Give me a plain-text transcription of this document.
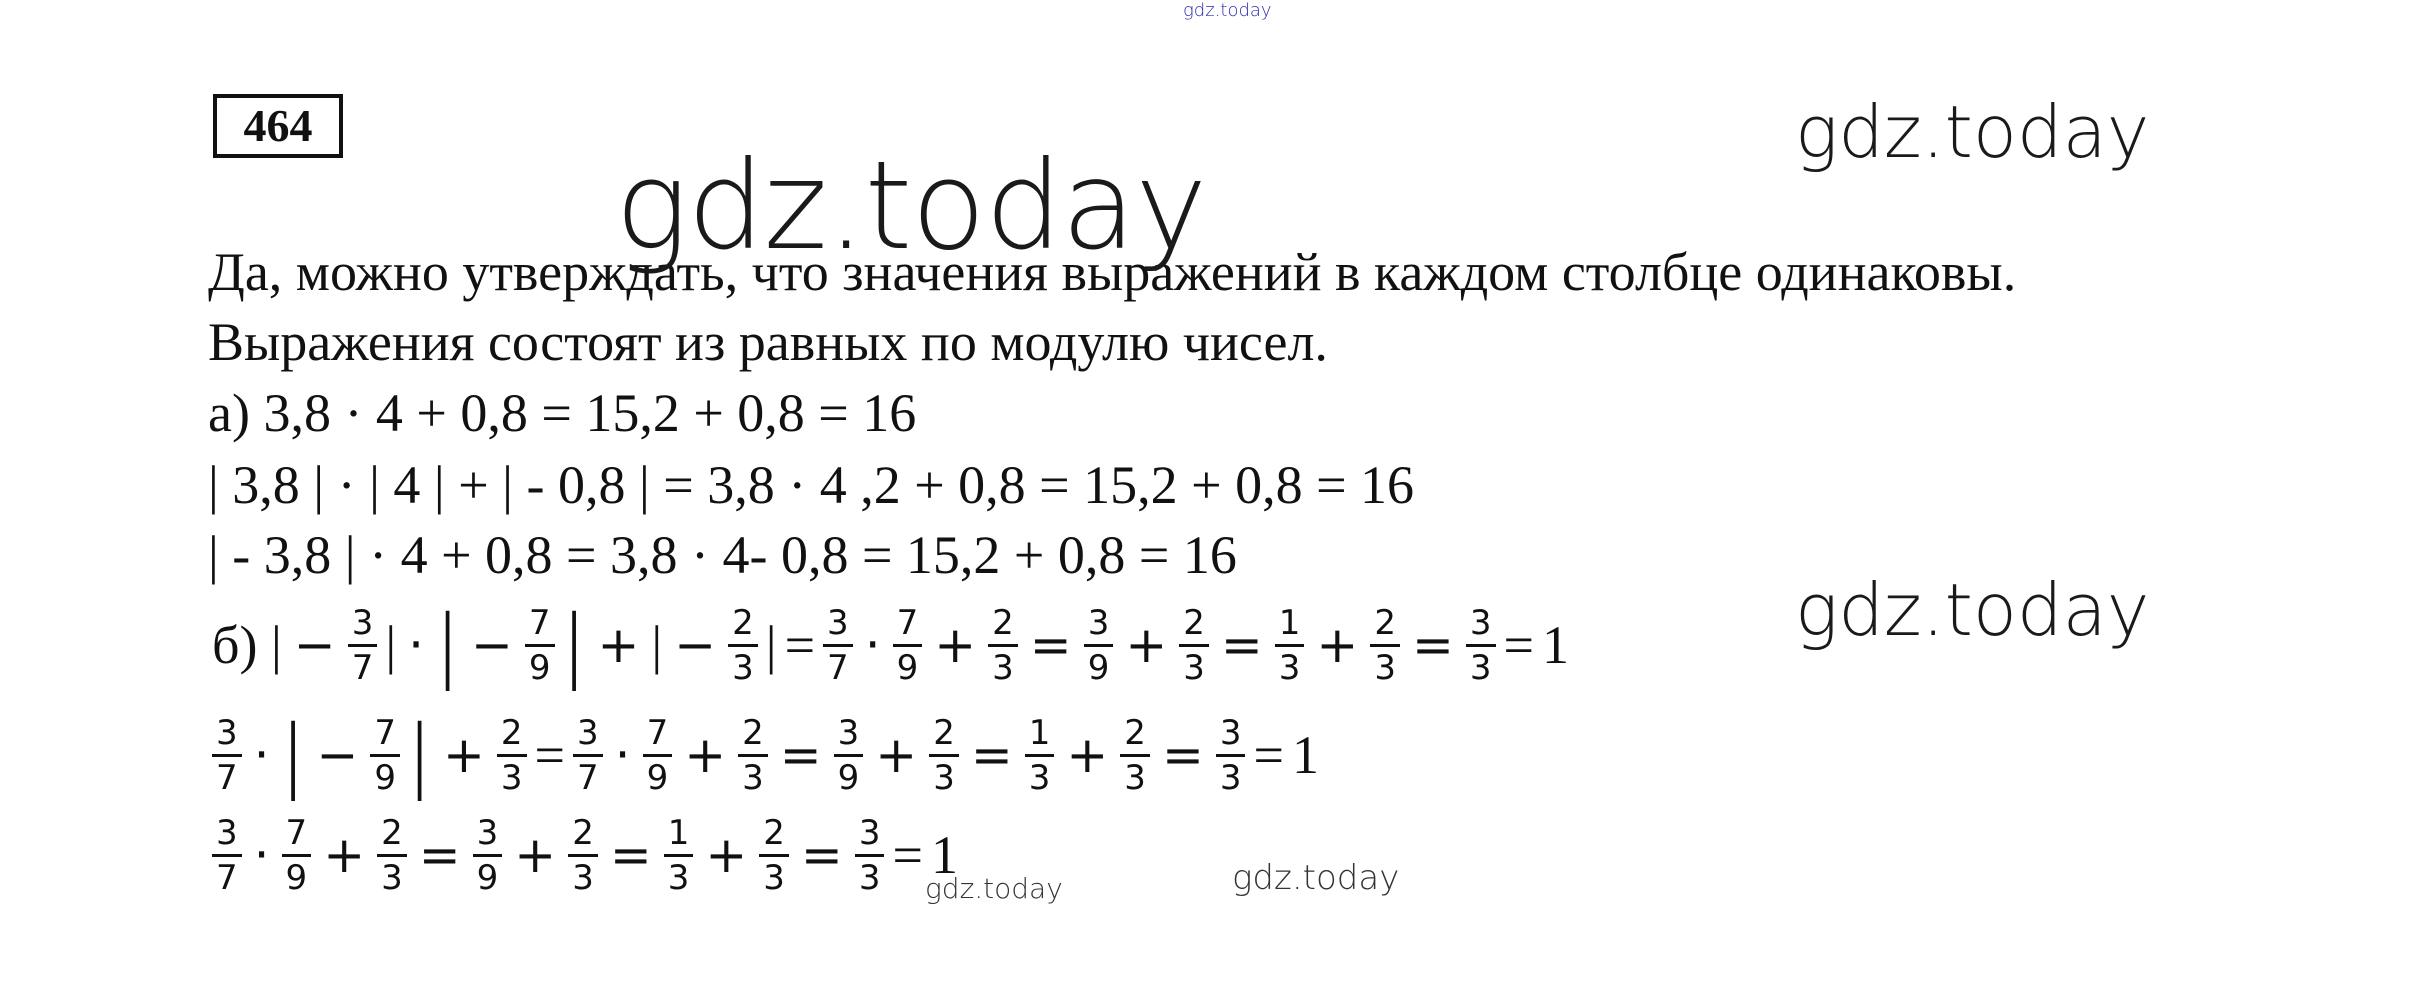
gdz.today
464	gdz.today
Да, можно утверждать, что значения выражений в каждом столбце одинаковы.
Выражения состоят из равных по модулю чисел.
а) 3,8 · 4 + 0,8 = 15,2 + 0,8 = 16
| 3,8 | · | 4 | + | - 0,8 | = 3,8 · 4 ,2 + 0,8 = 15,2 + 0,8 = 16
| - 3,8 | · 4 + 0,8 = 3,8 · 4- 0,8 = 15,2 + 0,8 = 16
б) | − $\frac{3}{7}$ | · | − $\frac{7}{9}$ | + | − $\frac{2}{3}$ | = $\frac{3}{7} \cdot \frac{7}{9} + \frac{2}{3} = \frac{3}{9} + \frac{2}{3} = \frac{1}{3} + \frac{2}{3} = \frac{3}{3} = 1$
$\frac{3}{7}$ · | − $\frac{7}{9}$ | + $\frac{2}{3} = \frac{3}{7} \cdot \frac{7}{9} + \frac{2}{3} = \frac{3}{9} + \frac{2}{3} = \frac{1}{3} + \frac{2}{3} = \frac{3}{3} = 1$
$\frac{3}{7} \cdot \frac{7}{9} + \frac{2}{3} = \frac{3}{9} + \frac{2}{3} = \frac{1}{3} + \frac{2}{3} = \frac{3}{3} = 1$
gdz.today
gdz.today
gdz.today	gdz.today
